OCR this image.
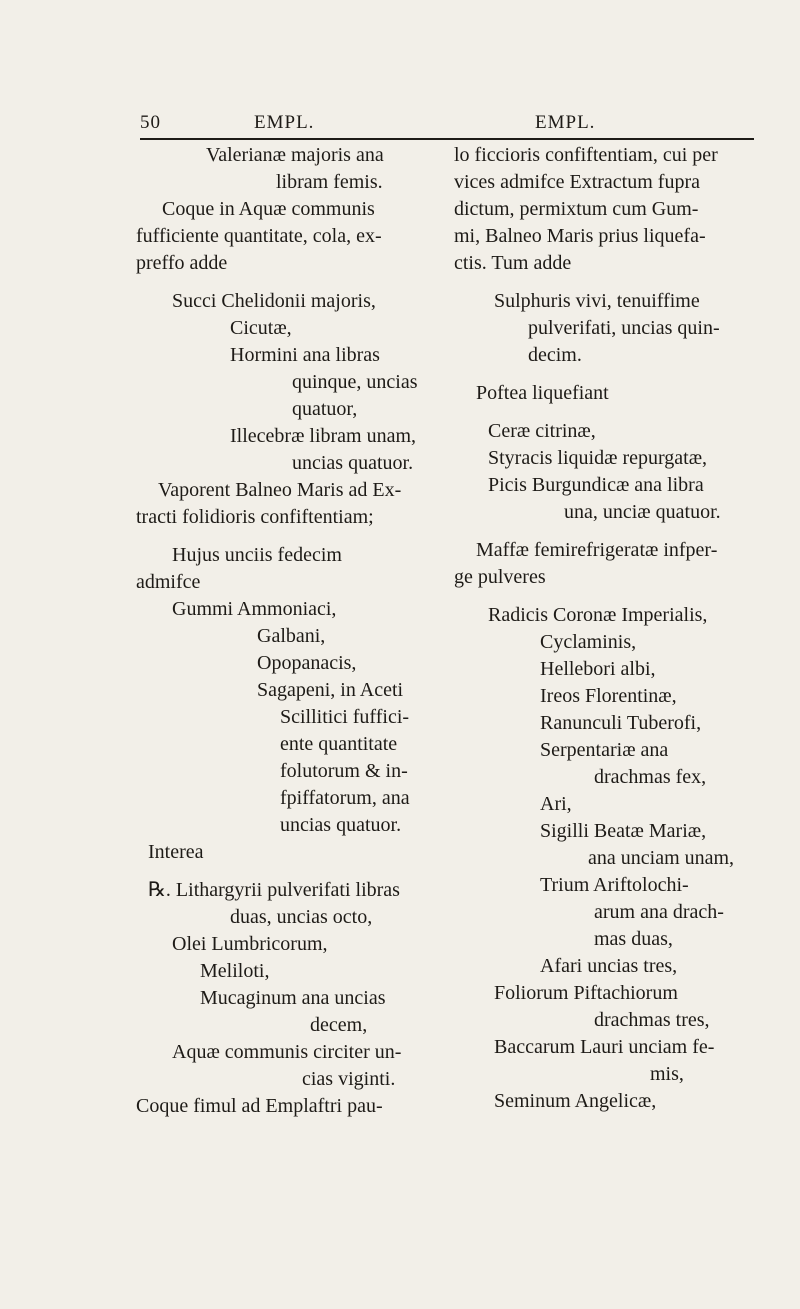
50	EMPL.	EMPL.
Valerianæ majoris ana
libram femis.
Coque in Aquæ communis
fufficiente quantitate, cola, ex-
preffo adde
Succi Chelidonii majoris,
Cicutæ,
Hormini ana libras
quinque, uncias
quatuor,
Illecebræ libram unam,
uncias quatuor.
Vaporent Balneo Maris ad Ex-
tracti folidioris confiftentiam;
Hujus unciis fedecim
admifce
Gummi Ammoniaci,
Galbani,
Opopanacis,
Sagapeni, in Aceti
Scillitici fuffici-
ente quantitate
folutorum & in-
fpiffatorum, ana
uncias quatuor.
Interea
℞. Lithargyrii pulverifati libras
duas, uncias octo,
Olei Lumbricorum,
Meliloti,
Mucaginum ana uncias
decem,
Aquæ communis circiter un-
cias viginti.
Coque fimul ad Emplaftri pau-
lo ficcioris confiftentiam, cui per
vices admifce Extractum fupra
dictum, permixtum cum Gum-
mi, Balneo Maris prius liquefa-
ctis. Tum adde
Sulphuris vivi, tenuiffime
pulverifati, uncias quin-
decim.
Poftea liquefiant
Ceræ citrinæ,
Styracis liquidæ repurgatæ,
Picis Burgundicæ ana libra
una, unciæ quatuor.
Maffæ femirefrigeratæ infper-
ge pulveres
Radicis Coronæ Imperialis,
Cyclaminis,
Hellebori albi,
Ireos Florentinæ,
Ranunculi Tuberofi,
Serpentariæ ana
drachmas fex,
Ari,
Sigilli Beatæ Mariæ,
ana unciam unam,
Trium Ariftolochi-
arum ana drach-
mas duas,
Afari uncias tres,
Foliorum Piftachiorum
drachmas tres,
Baccarum Lauri unciam fe-
mis,
Seminum Angelicæ,
